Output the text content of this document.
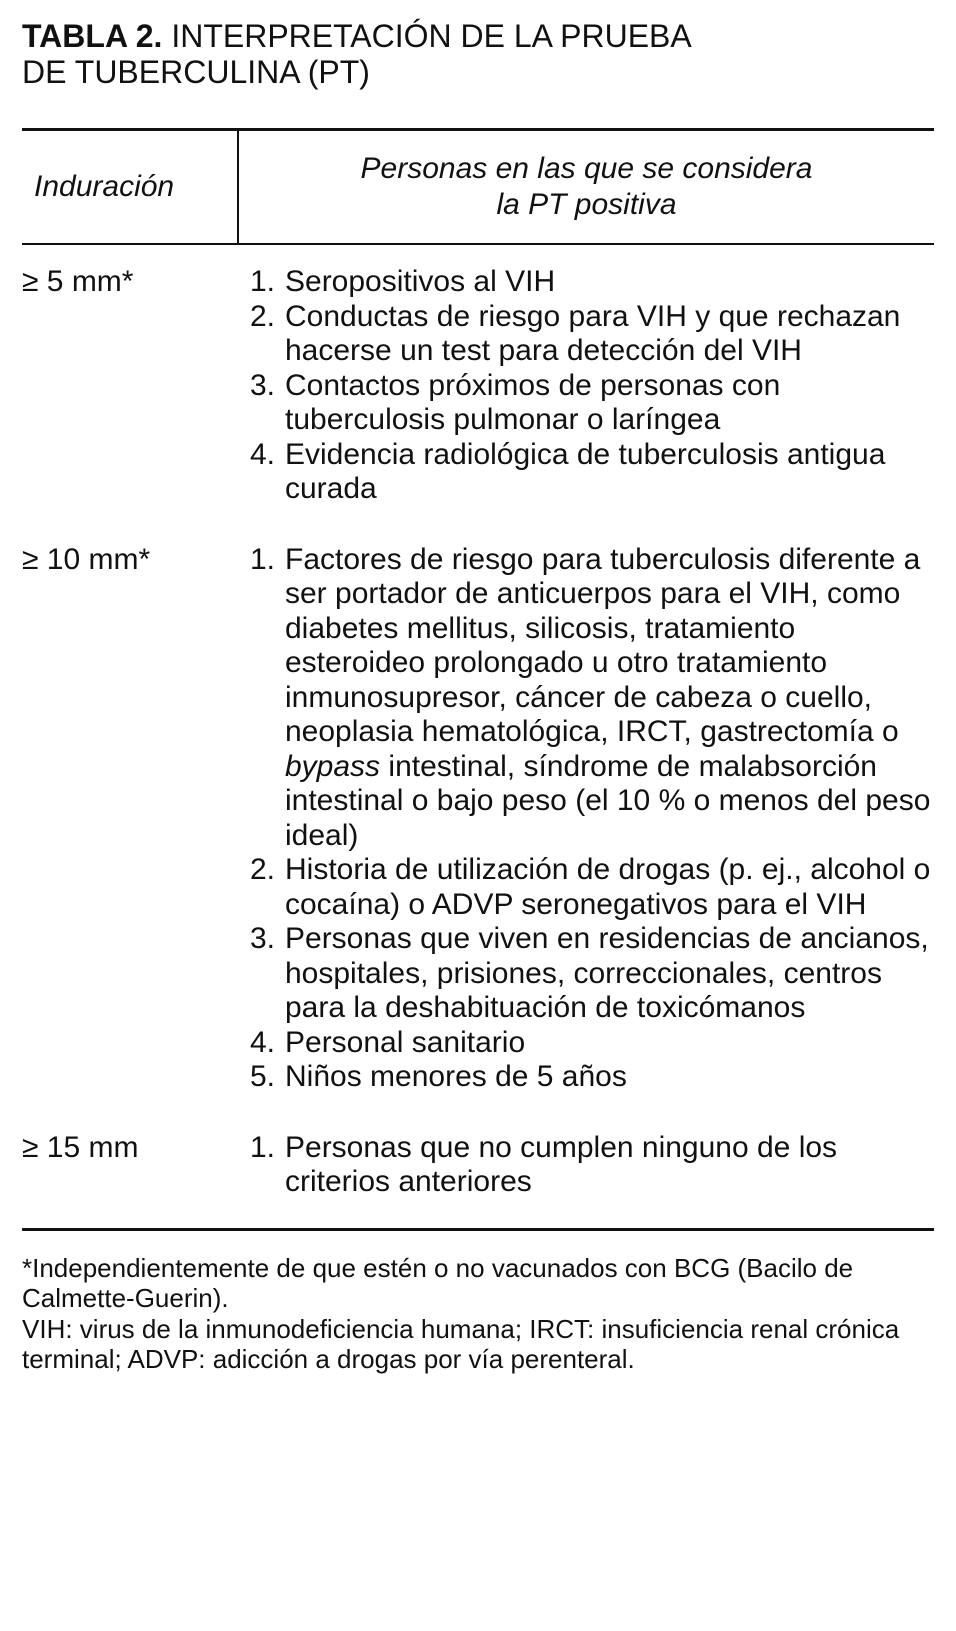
TABLA 2. INTERPRETACIÓN DE LA PRUEBA
DE TUBERCULINA (PT)
Induración
Personas en las que se considera
la PT positiva
≥ 5 mm*	1. Seropositivos al VIH
2. Conductas de riesgo para VIH y que rechazan hacerse un test para detección del VIH
3. Contactos próximos de personas con tuberculosis pulmonar o laríngea
4. Evidencia radiológica de tuberculosis antigua curada
≥ 10 mm*	1. Factores de riesgo para tuberculosis diferente a ser portador de anticuerpos para el VIH, como diabetes mellitus, silicosis, tratamiento esteroideo prolongado u otro tratamiento inmunosupresor, cáncer de cabeza o cuello, neoplasia hematológica, IRCT, gastrectomía o bypass intestinal, síndrome de malabsorción intestinal o bajo peso (el 10 % o menos del peso ideal)
2. Historia de utilización de drogas (p. ej., alcohol o cocaína) o ADVP seronegativos para el VIH
3. Personas que viven en residencias de ancianos, hospitales, prisiones, correccionales, centros para la deshabituación de toxicómanos
4. Personal sanitario
5. Niños menores de 5 años
≥ 15 mm	1. Personas que no cumplen ninguno de los criterios anteriores

*Independientemente de que estén o no vacunados con BCG (Bacilo de Calmette-Guerin).

VIH: virus de la inmunodeficiencia humana; IRCT: insuficiencia renal crónica terminal; ADVP: adicción a drogas por vía perenteral.
